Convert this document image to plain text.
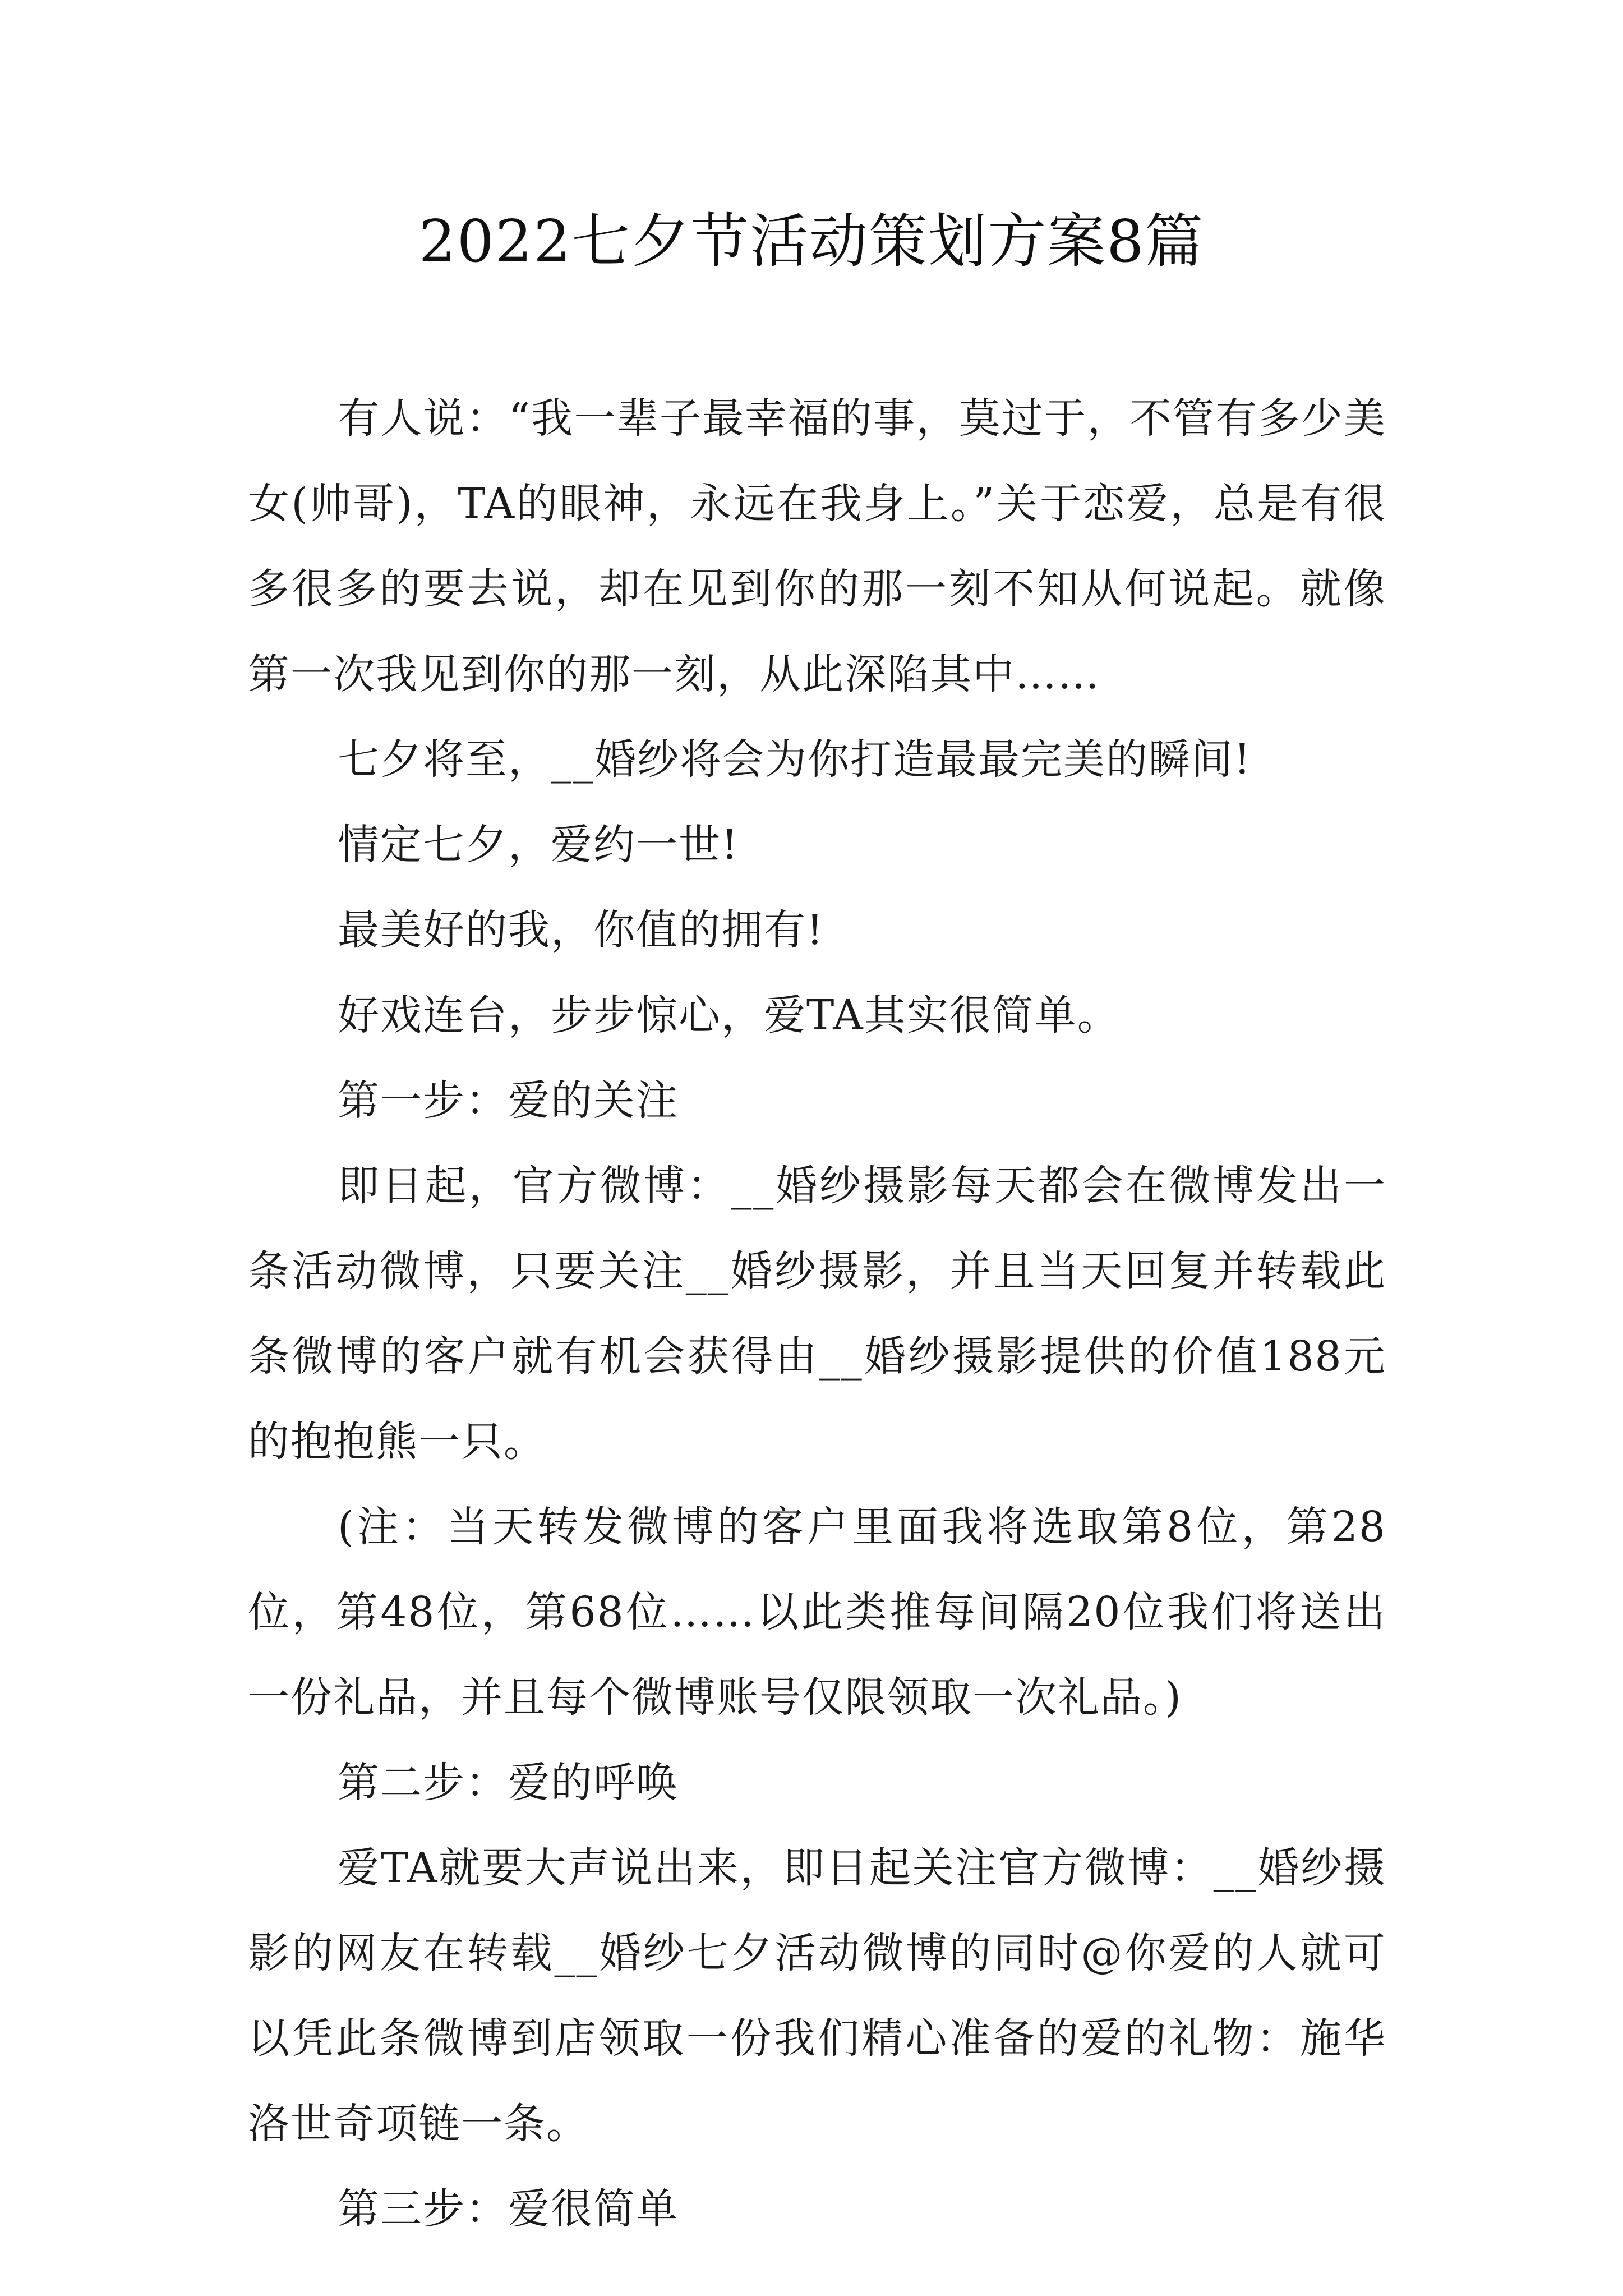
2022七夕节活动策划方案8篇

有人说：“我一辈子最幸福的事，莫过于，不管有多少美女(帅哥)，TA的眼神，永远在我身上。”关于恋爱，总是有很多很多的要去说，却在见到你的那一刻不知从何说起。就像第一次我见到你的那一刻，从此深陷其中……

七夕将至，__婚纱将会为你打造最最完美的瞬间!

情定七夕，爱约一世!

最美好的我，你值的拥有!

好戏连台，步步惊心，爱TA其实很简单。

第一步：爱的关注

即日起，官方微博：__婚纱摄影每天都会在微博发出一条活动微博，只要关注__婚纱摄影，并且当天回复并转载此条微博的客户就有机会获得由__婚纱摄影提供的价值188元的抱抱熊一只。

(注：当天转发微博的客户里面我将选取第8位，第28位，第48位，第68位……以此类推每间隔20位我们将送出一份礼品，并且每个微博账号仅限领取一次礼品。)

第二步：爱的呼唤

爱TA就要大声说出来，即日起关注官方微博：__婚纱摄影的网友在转载__婚纱七夕活动微博的同时@你爱的人就可以凭此条微博到店领取一份我们精心准备的爱的礼物：施华洛世奇项链一条。

第三步：爱很简单
